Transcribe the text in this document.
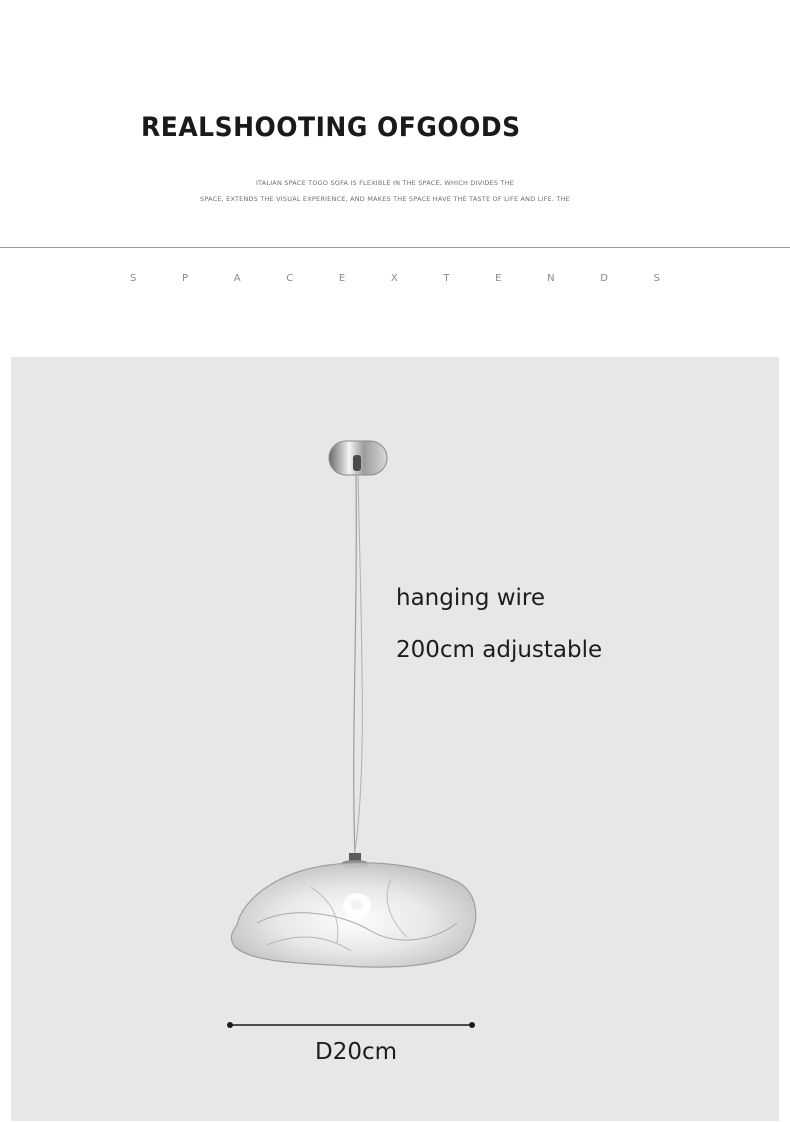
REALSHOOTING OFGOODS

ITALIAN SPACE TOGO SOFA IS FLEXIBLE IN THE SPACE, WHICH DIVIDES THE

SPACE, EXTENDS THE VISUAL EXPERIENCE, AND MAKES THE SPACE HAVE THE TASTE OF LIFE AND LIFE. THE

S	P	A	C	E	X	T	E	N	D	S

hanging wire

200cm adjustable

D20cm
